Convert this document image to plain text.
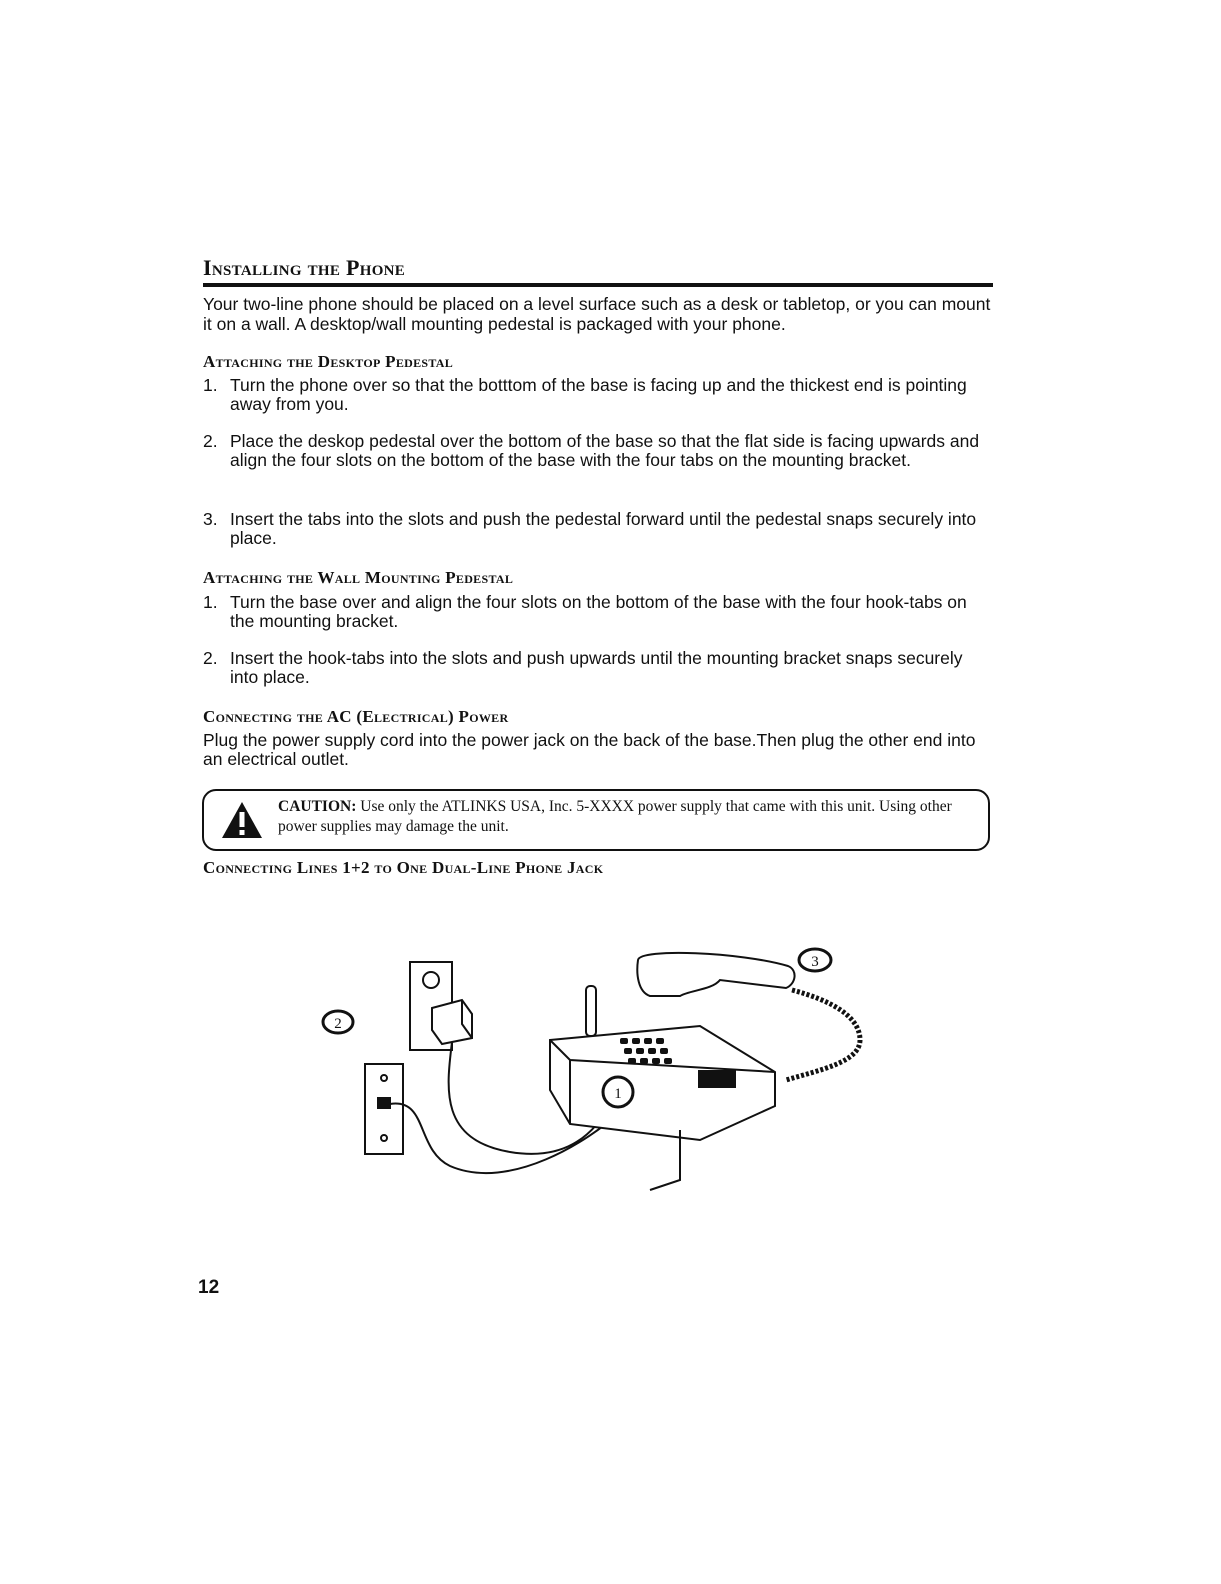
Installing the Phone
Your two-line phone should be placed on a level surface such as a desk or tabletop, or you can mount it on a wall. A desktop/wall mounting pedestal is packaged with your phone.
Attaching the Desktop Pedestal
1. Turn the phone over so that the botttom of the base is facing up and the thickest end is pointing away from you.
2. Place the deskop pedestal over the bottom of the base so that the flat side is facing upwards and align the four slots on the bottom of the base with the four tabs on the mounting bracket.
3. Insert the tabs into the slots and push the pedestal forward until the pedestal snaps securely into place.
Attaching the Wall Mounting Pedestal
1. Turn the base over and align the four slots on the bottom of the base with the four hook-tabs on the mounting bracket.
2. Insert the hook-tabs into the slots and push upwards until the mounting bracket snaps securely into place.
Connecting the AC (Electrical) Power
Plug the power supply cord into the power jack on the back of the base.Then plug the other end into an electrical outlet.
CAUTION: Use only the ATLINKS USA, Inc. 5-XXXX power supply that came with this unit. Using other power supplies may damage the unit.
Connecting Lines 1+2 to One Dual-Line Phone Jack
2
3
1
12
